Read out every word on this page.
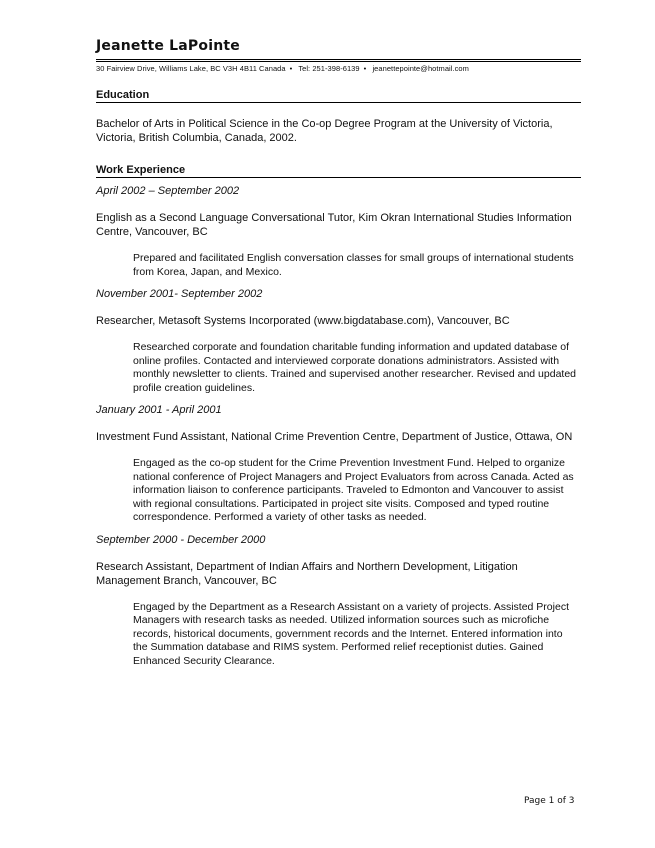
Jeanette LaPointe
30 Fairview Drive, Williams Lake, BC V3H 4B11 Canada • Tel: 251-398-6139 • jeanettepointe@hotmail.com
Education

Bachelor of Arts in Political Science in the Co-op Degree Program at the University of Victoria, Victoria, British Columbia, Canada, 2002.

Work Experience
April 2002 – September 2002
English as a Second Language Conversational Tutor, Kim Okran International Studies Information Centre, Vancouver, BC
Prepared and facilitated English conversation classes for small groups of international students from Korea, Japan, and Mexico.
November 2001- September 2002
Researcher, Metasoft Systems Incorporated (www.bigdatabase.com), Vancouver, BC
Researched corporate and foundation charitable funding information and updated database of online profiles. Contacted and interviewed corporate donations administrators. Assisted with monthly newsletter to clients. Trained and supervised another researcher. Revised and updated profile creation guidelines.
January 2001 - April 2001
Investment Fund Assistant, National Crime Prevention Centre, Department of Justice, Ottawa, ON
Engaged as the co-op student for the Crime Prevention Investment Fund. Helped to organize national conference of Project Managers and Project Evaluators from across Canada. Acted as information liaison to conference participants. Traveled to Edmonton and Vancouver to assist with regional consultations. Participated in project site visits. Composed and typed routine correspondence. Performed a variety of other tasks as needed.
September 2000 - December 2000
Research Assistant, Department of Indian Affairs and Northern Development, Litigation Management Branch, Vancouver, BC
Engaged by the Department as a Research Assistant on a variety of projects. Assisted Project Managers with research tasks as needed. Utilized information sources such as microfiche records, historical documents, government records and the Internet. Entered information into the Summation database and RIMS system. Performed relief receptionist duties. Gained Enhanced Security Clearance.
Page 1 of 3
